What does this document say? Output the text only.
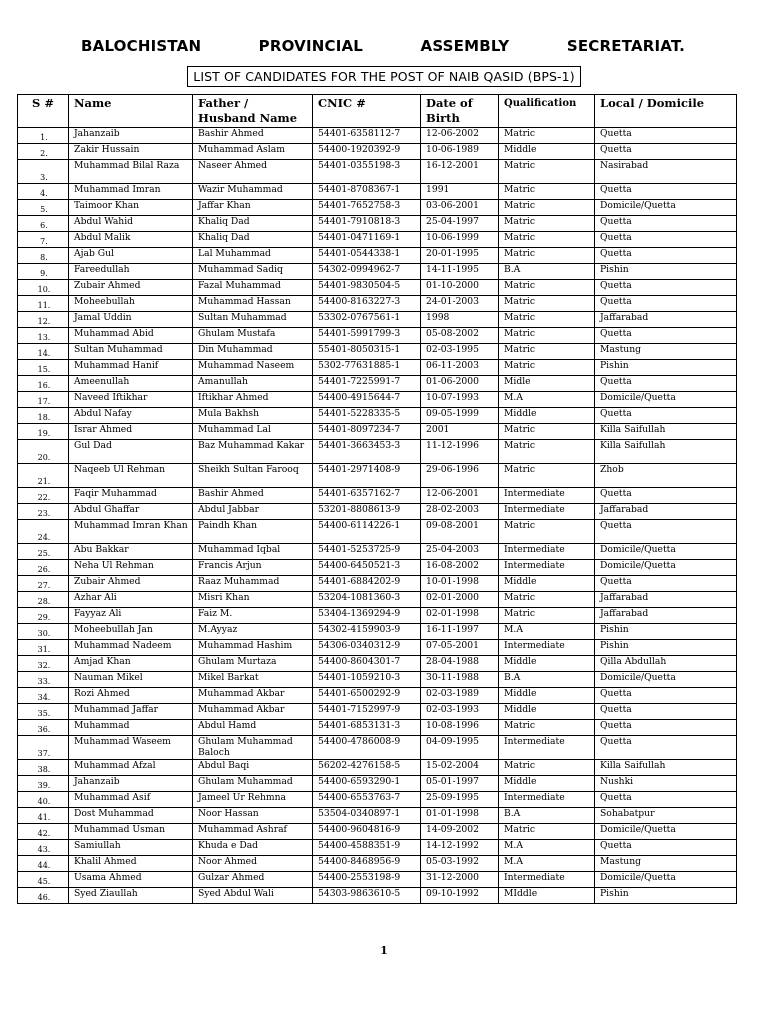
BALOCHISTAN PROVINCIAL ASSEMBLY SECRETARIAT.
LIST OF CANDIDATES FOR THE POST OF NAIB QASID (BPS-1)
S #	Name	Father / Husband Name	CNIC #	Date of Birth	Qualification	Local / Domicile
1.	Jahanzaib	Bashir Ahmed	54401-6358112-7	12-06-2002	Matric	Quetta
2.	Zakir Hussain	Muhammad Aslam	54400-1920392-9	10-06-1989	Middle	Quetta
3.	Muhammad Bilal Raza	Naseer Ahmed	54401-0355198-3	16-12-2001	Matric	Nasirabad
4.	Muhammad Imran	Wazir Muhammad	54401-8708367-1	1991	Matric	Quetta
5.	Taimoor Khan	Jaffar Khan	54401-7652758-3	03-06-2001	Matric	Domicile/Quetta
6.	Abdul Wahid	Khaliq Dad	54401-7910818-3	25-04-1997	Matric	Quetta
7.	Abdul Malik	Khaliq Dad	54401-0471169-1	10-06-1999	Matric	Quetta
8.	Ajab Gul	Lal Muhammad	54401-0544338-1	20-01-1995	Matric	Quetta
9.	Fareedullah	Muhammad Sadiq	54302-0994962-7	14-11-1995	B.A	Pishin
10.	Zubair Ahmed	Fazal Muhammad	54401-9830504-5	01-10-2000	Matric	Quetta
11.	Moheebullah	Muhammad Hassan	54400-8163227-3	24-01-2003	Matric	Quetta
12.	Jamal Uddin	Sultan Muhammad	53302-0767561-1	1998	Matric	Jaffarabad
13.	Muhammad Abid	Ghulam Mustafa	54401-5991799-3	05-08-2002	Matric	Quetta
14.	Sultan Muhammad	Din Muhammad	55401-8050315-1	02-03-1995	Matric	Mastung
15.	Muhammad Hanif	Muhammad Naseem	5302-77631885-1	06-11-2003	Matric	Pishin
16.	Ameenullah	Amanullah	54401-7225991-7	01-06-2000	Midle	Quetta
17.	Naveed Iftikhar	Iftikhar Ahmed	54400-4915644-7	10-07-1993	M.A	Domicile/Quetta
18.	Abdul Nafay	Mula Bakhsh	54401-5228335-5	09-05-1999	Middle	Quetta
19.	Israr Ahmed	Muhammad Lal	54401-8097234-7	2001	Matric	Killa Saifullah
20.	Gul Dad	Baz Muhammad Kakar	54401-3663453-3	11-12-1996	Matric	Killa Saifullah
21.	Naqeeb Ul Rehman	Sheikh Sultan Farooq	54401-2971408-9	29-06-1996	Matric	Zhob
22.	Faqir Muhammad	Bashir Ahmed	54401-6357162-7	12-06-2001	Intermediate	Quetta
23.	Abdul Ghaffar	Abdul Jabbar	53201-8808613-9	28-02-2003	Intermediate	Jaffarabad
24.	Muhammad Imran Khan	Paindh Khan	54400-6114226-1	09-08-2001	Matric	Quetta
25.	Abu Bakkar	Muhammad Iqbal	54401-5253725-9	25-04-2003	Intermediate	Domicile/Quetta
26.	Neha Ul Rehman	Francis Arjun	54400-6450521-3	16-08-2002	Intermediate	Domicile/Quetta
27.	Zubair Ahmed	Raaz Muhammad	54401-6884202-9	10-01-1998	Middle	Quetta
28.	Azhar Ali	Misri Khan	53204-1081360-3	02-01-2000	Matric	Jaffarabad
29.	Fayyaz Ali	Faiz M.	53404-1369294-9	02-01-1998	Matric	Jaffarabad
30.	Moheebullah Jan	M.Ayyaz	54302-4159903-9	16-11-1997	M.A	Pishin
31.	Muhammad Nadeem	Muhammad Hashim	54306-0340312-9	07-05-2001	Intermediate	Pishin
32.	Amjad Khan	Ghulam Murtaza	54400-8604301-7	28-04-1988	Middle	Qilla Abdullah
33.	Nauman Mikel	Mikel Barkat	54401-1059210-3	30-11-1988	B.A	Domicile/Quetta
34.	Rozi Ahmed	Muhammad Akbar	54401-6500292-9	02-03-1989	Middle	Quetta
35.	Muhammad Jaffar	Muhammad Akbar	54401-7152997-9	02-03-1993	Middle	Quetta
36.	Muhammad	Abdul Hamd	54401-6853131-3	10-08-1996	Matric	Quetta
37.	Muhammad Waseem	Ghulam Muhammad Baloch	54400-4786008-9	04-09-1995	Intermediate	Quetta
38.	Muhammad Afzal	Abdul Baqi	56202-4276158-5	15-02-2004	Matric	Killa Saifullah
39.	Jahanzaib	Ghulam Muhammad	54400-6593290-1	05-01-1997	Middle	Nushki
40.	Muhammad Asif	Jameel Ur Rehmna	54400-6553763-7	25-09-1995	Intermediate	Quetta
41.	Dost Muhammad	Noor Hassan	53504-0340897-1	01-01-1998	B.A	Sohabatpur
42.	Muhammad Usman	Muhammad Ashraf	54400-9604816-9	14-09-2002	Matric	Domicile/Quetta
43.	Samiullah	Khuda e Dad	54400-4588351-9	14-12-1992	M.A	Quetta
44.	Khalil Ahmed	Noor Ahmed	54400-8468956-9	05-03-1992	M.A	Mastung
45.	Usama Ahmed	Gulzar Ahmed	54400-2553198-9	31-12-2000	Intermediate	Domicile/Quetta
46.	Syed Ziaullah	Syed Abdul Wali	54303-9863610-5	09-10-1992	MIddle	Pishin
1
